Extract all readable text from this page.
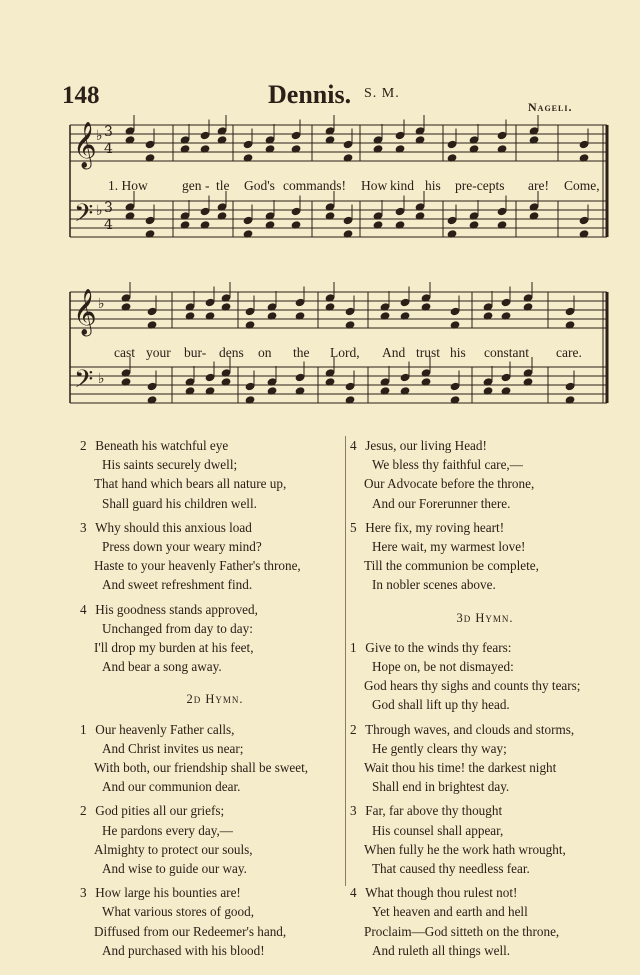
148	Dennis. S. M.
Nageli.
𝄞
𝄞
𝄢
𝄢
♭
♭
♭
♭
3
4
3
4
1. How	gen - tle God's commands! How kind his pre-cepts are! Come,
cast your bur- dens on the Lord, And trust his constant care.
2 Beneath his watchful eye
His saints securely dwell;
That hand which bears all nature up,
Shall guard his children well.
3 Why should this anxious load
Press down your weary mind?
Haste to your heavenly Father's throne,
And sweet refreshment find.
4 His goodness stands approved,
Unchanged from day to day:
I'll drop my burden at his feet,
And bear a song away.
2d Hymn.
1 Our heavenly Father calls,
And Christ invites us near;
With both, our friendship shall be sweet,
And our communion dear.
2 God pities all our griefs;
He pardons every day,—
Almighty to protect our souls,
And wise to guide our way.
3 How large his bounties are!
What various stores of good,
Diffused from our Redeemer's hand,
And purchased with his blood!
4 Jesus, our living Head!
We bless thy faithful care,—
Our Advocate before the throne,
And our Forerunner there.
5 Here fix, my roving heart!
Here wait, my warmest love!
Till the communion be complete,
In nobler scenes above.
3d Hymn.
1 Give to the winds thy fears:
Hope on, be not dismayed:
God hears thy sighs and counts thy tears;
God shall lift up thy head.
2 Through waves, and clouds and storms,
He gently clears thy way;
Wait thou his time! the darkest night
Shall end in brightest day.
3 Far, far above thy thought
His counsel shall appear,
When fully he the work hath wrought,
That caused thy needless fear.
4 What though thou rulest not!
Yet heaven and earth and hell
Proclaim—God sitteth on the throne,
And ruleth all things well.
